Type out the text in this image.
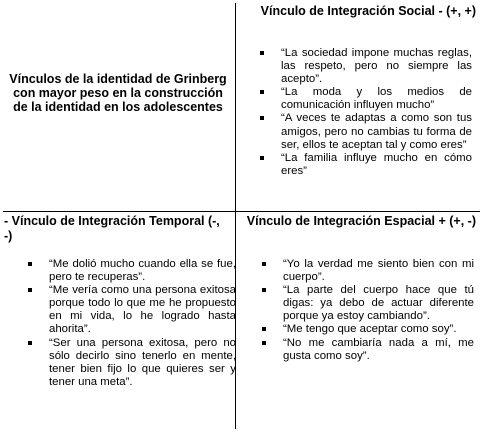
Vínculos de la identidad de Grinberg con mayor peso en la construcción de la identidad en los adolescentes
Vínculo de Integración Social - (+, +)
“La sociedad impone muchas reglas, las respeto, pero no siempre las acepto”.
“La moda y los medios de comunicación influyen mucho”
“A veces te adaptas a como son tus amigos, pero no cambias tu forma de ser, ellos te aceptan tal y como eres”
“La familia influye mucho en cómo eres”
- Vínculo de Integración Temporal (-, -)
“Me dolió mucho cuando ella se fue, pero te recuperas”.
“Me vería como una persona exitosa porque todo lo que me he propuesto en mi vida, lo he logrado hasta ahorita”.
“Ser una persona exitosa, pero no sólo decirlo sino tenerlo en mente, tener bien fijo lo que quieres ser y tener una meta”.
Vínculo de Integración Espacial + (+, -)
“Yo la verdad me siento bien con mi cuerpo”.
“La parte del cuerpo hace que tú digas: ya debo de actuar diferente porque ya estoy cambiando”.
“Me tengo que aceptar como soy”.
“No me cambiaría nada a mí, me gusta como soy”.
